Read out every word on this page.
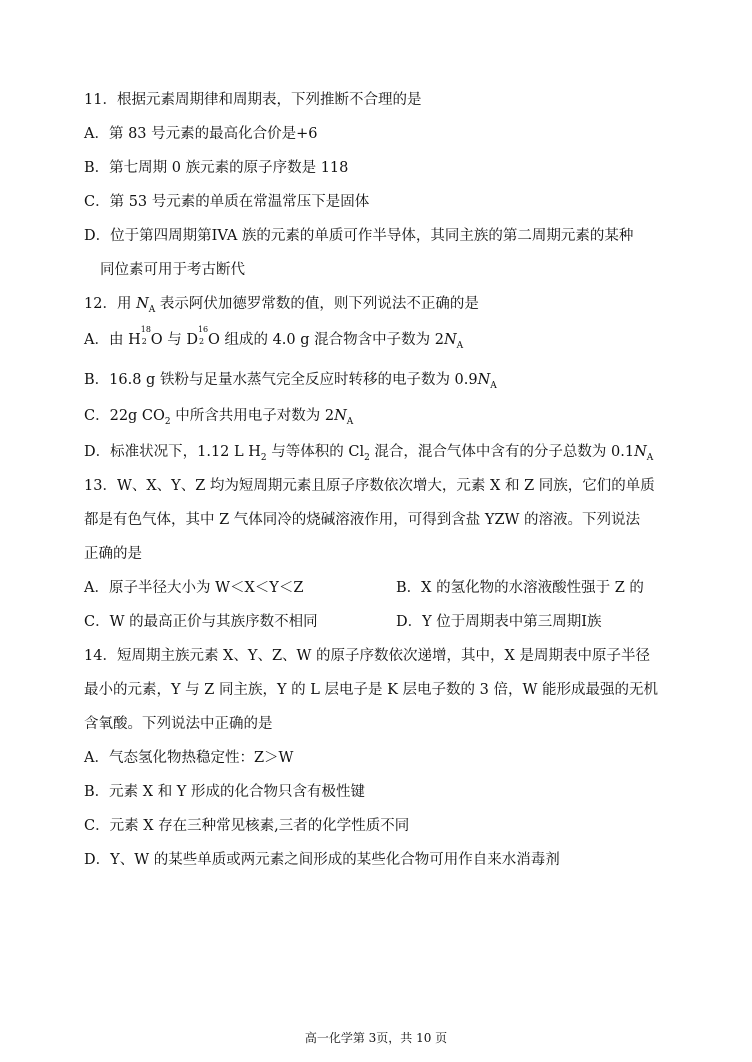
11．根据元素周期律和周期表，下列推断不合理的是
A．第 83 号元素的最高化合价是+6
B．第七周期 0 族元素的原子序数是 118
C．第 53 号元素的单质在常温常压下是固体
D．位于第四周期第ⅠVA 族的元素的单质可作半导体，其同主族的第二周期元素的某种
同位素可用于考古断代
12．用 $N_A$ 表示阿伏加德罗常数的值，则下列说法不正确的是
A．由 H
18
2 O 与 D
16
2 O 组成的 4.0 g 混合物含中子数为 $2N_A$
B．16.8 g 铁粉与足量水蒸气完全反应时转移的电子数为 $0.9N_A$
C．22g $CO_2$ 中所含共用电子对数为 $2N_A$
D．标准状况下，1.12 L $H_2$ 与等体积的 $Cl_2$ 混合，混合气体中含有的分子总数为 $0.1N_A$
13．W、X、Y、Z 均为短周期元素且原子序数依次增大，元素 X 和 Z 同族，它们的单质
都是有色气体，其中 Z 气体同冷的烧碱溶液作用，可得到含盐 YZW 的溶液。下列说法
正确的是
A．原子半径大小为 W＜X＜Y＜Z	B．X 的氢化物的水溶液酸性强于 Z 的
C．W 的最高正价与其族序数不相同	D．Y 位于周期表中第三周期Ⅰ族
14．短周期主族元素 X、Y、Z、W 的原子序数依次递增，其中，X 是周期表中原子半径
最小的元素，Y 与 Z 同主族，Y 的 L 层电子是 K 层电子数的 3 倍，W 能形成最强的无机
含氧酸。下列说法中正确的是
A．气态氢化物热稳定性：Z＞W
B．元素 X 和 Y 形成的化合物只含有极性键
C．元素 X 存在三种常见核素,三者的化学性质不同
D．Y、W 的某些单质或两元素之间形成的某些化合物可用作自来水消毒剂
高一化学第 3页，共 10 页
